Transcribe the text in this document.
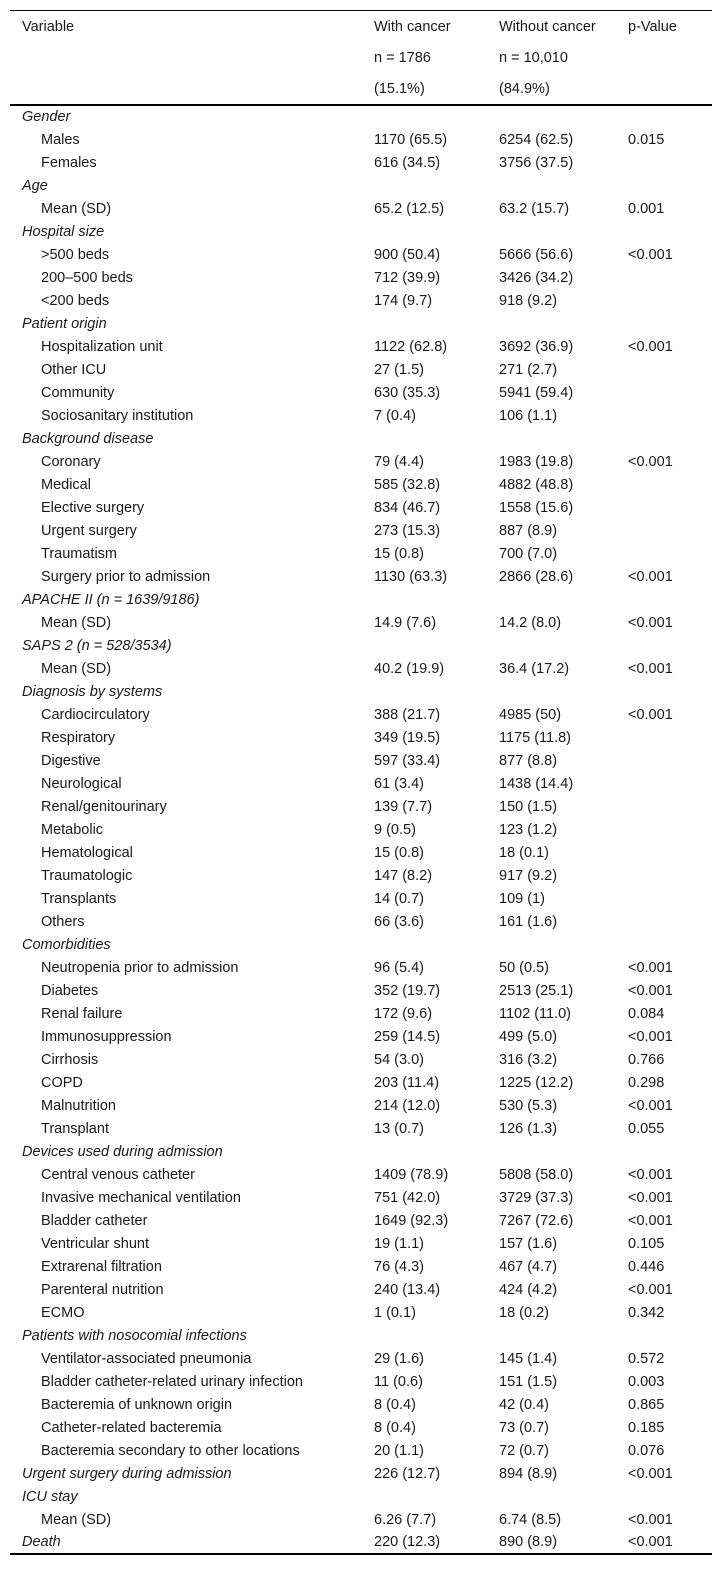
Variable	With cancer	Without cancer	p-Value
	n = 1786	n = 10,010	
	(15.1%)	(84.9%)	
Gender			
Males	1170 (65.5)	6254 (62.5)	0.015
Females	616 (34.5)	3756 (37.5)	
Age			
Mean (SD)	65.2 (12.5)	63.2 (15.7)	0.001
Hospital size			
>500 beds	900 (50.4)	5666 (56.6)	<0.001
200–500 beds	712 (39.9)	3426 (34.2)	
<200 beds	174 (9.7)	918 (9.2)	
Patient origin			
Hospitalization unit	1122 (62.8)	3692 (36.9)	<0.001
Other ICU	27 (1.5)	271 (2.7)	
Community	630 (35.3)	5941 (59.4)	
Sociosanitary institution	7 (0.4)	106 (1.1)	
Background disease			
Coronary	79 (4.4)	1983 (19.8)	<0.001
Medical	585 (32.8)	4882 (48.8)	
Elective surgery	834 (46.7)	1558 (15.6)	
Urgent surgery	273 (15.3)	887 (8.9)	
Traumatism	15 (0.8)	700 (7.0)	
Surgery prior to admission	1130 (63.3)	2866 (28.6)	<0.001
APACHE II (n = 1639/9186)			
Mean (SD)	14.9 (7.6)	14.2 (8.0)	<0.001
SAPS 2 (n = 528/3534)			
Mean (SD)	40.2 (19.9)	36.4 (17.2)	<0.001
Diagnosis by systems			
Cardiocirculatory	388 (21.7)	4985 (50)	<0.001
Respiratory	349 (19.5)	1175 (11.8)	
Digestive	597 (33.4)	877 (8.8)	
Neurological	61 (3.4)	1438 (14.4)	
Renal/genitourinary	139 (7.7)	150 (1.5)	
Metabolic	9 (0.5)	123 (1.2)	
Hematological	15 (0.8)	18 (0.1)	
Traumatologic	147 (8.2)	917 (9.2)	
Transplants	14 (0.7)	109 (1)	
Others	66 (3.6)	161 (1.6)	
Comorbidities			
Neutropenia prior to admission	96 (5.4)	50 (0.5)	<0.001
Diabetes	352 (19.7)	2513 (25.1)	<0.001
Renal failure	172 (9.6)	1102 (11.0)	0.084
Immunosuppression	259 (14.5)	499 (5.0)	<0.001
Cirrhosis	54 (3.0)	316 (3.2)	0.766
COPD	203 (11.4)	1225 (12.2)	0.298
Malnutrition	214 (12.0)	530 (5.3)	<0.001
Transplant	13 (0.7)	126 (1.3)	0.055
Devices used during admission			
Central venous catheter	1409 (78.9)	5808 (58.0)	<0.001
Invasive mechanical ventilation	751 (42.0)	3729 (37.3)	<0.001
Bladder catheter	1649 (92.3)	7267 (72.6)	<0.001
Ventricular shunt	19 (1.1)	157 (1.6)	0.105
Extrarenal filtration	76 (4.3)	467 (4.7)	0.446
Parenteral nutrition	240 (13.4)	424 (4.2)	<0.001
ECMO	1 (0.1)	18 (0.2)	0.342
Patients with nosocomial infections			
Ventilator-associated pneumonia	29 (1.6)	145 (1.4)	0.572
Bladder catheter-related urinary infection	11 (0.6)	151 (1.5)	0.003
Bacteremia of unknown origin	8 (0.4)	42 (0.4)	0.865
Catheter-related bacteremia	8 (0.4)	73 (0.7)	0.185
Bacteremia secondary to other locations	20 (1.1)	72 (0.7)	0.076
Urgent surgery during admission	226 (12.7)	894 (8.9)	<0.001
ICU stay			
Mean (SD)	6.26 (7.7)	6.74 (8.5)	<0.001
Death	220 (12.3)	890 (8.9)	<0.001
